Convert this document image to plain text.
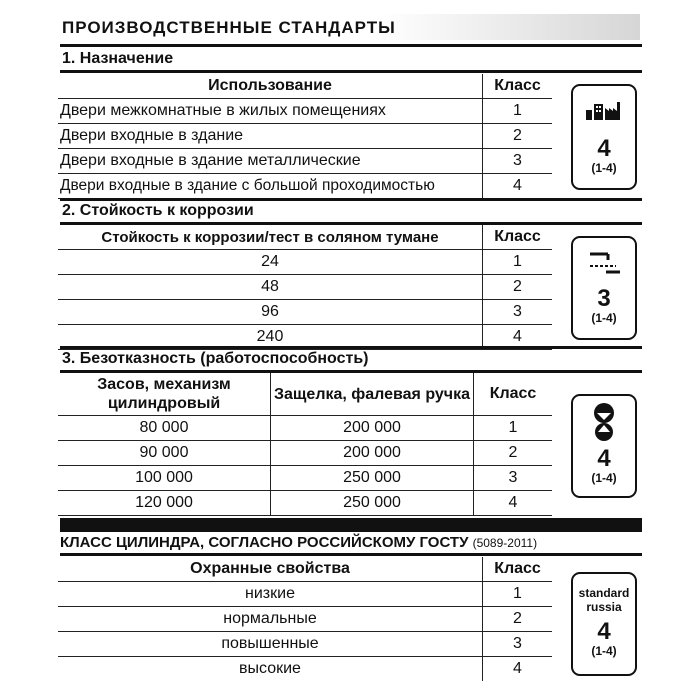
ПРОИЗВОДСТВЕННЫЕ СТАНДАРТЫ
1. Назначение
Использование	Класс
Двери межкомнатные в жилых помещениях	1
Двери входные в здание	2
Двери входные в здание металлические	3
Двери входные в здание с большой проходимостью	4
4
(1-4)
2. Стойкость к коррозии
Стойкость к коррозии/тест в соляном тумане	Класс
24	1
48	2
96	3
240	4
3
(1-4)
3. Безотказность (работоспособность)
Засов, механизм цилиндровый	Защелка, фалевая ручка	Класс
80 000	200 000	1
90 000	200 000	2
100 000	250 000	3
120 000	250 000	4
4
(1-4)
КЛАСС ЦИЛИНДРА, СОГЛАСНО РОССИЙСКОМУ ГОСТУ (5089-2011)
Охранные свойства	Класс
низкие	1
нормальные	2
повышенные	3
высокие	4
standard
russia
4
(1-4)
